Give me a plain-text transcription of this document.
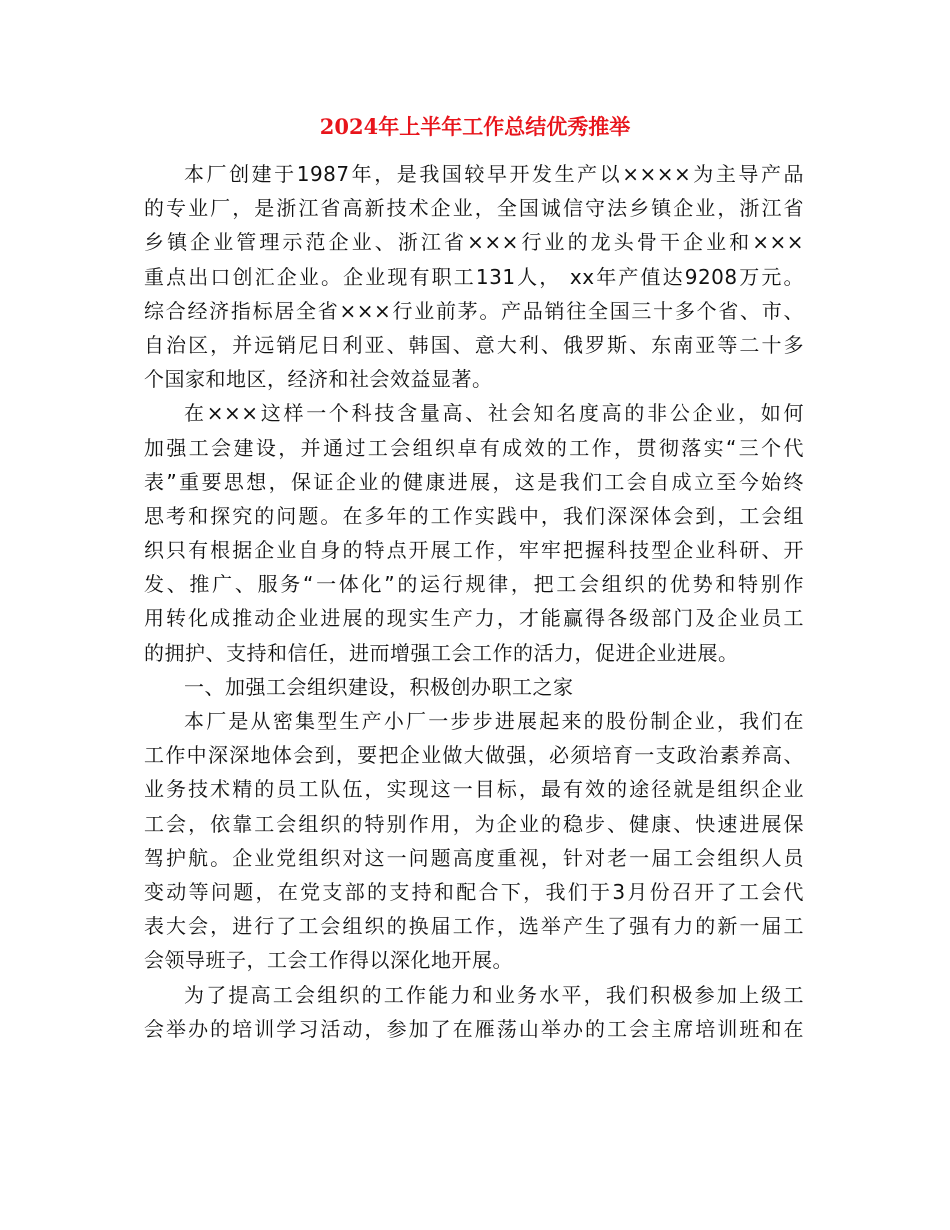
2024年上半年工作总结优秀推举
本厂创建于1987年，是我国较早开发生产以××××为主导产品
的专业厂，是浙江省高新技术企业，全国诚信守法乡镇企业，浙江省
乡镇企业管理示范企业、浙江省×××行业的龙头骨干企业和×××
重点出口创汇企业。企业现有职工131人， xx年产值达9208万元。
综合经济指标居全省×××行业前茅。产品销往全国三十多个省、市、
自治区，并远销尼日利亚、韩国、意大利、俄罗斯、东南亚等二十多
个国家和地区，经济和社会效益显著。
在×××这样一个科技含量高、社会知名度高的非公企业，如何
加强工会建设，并通过工会组织卓有成效的工作，贯彻落实“三个代
表”重要思想，保证企业的健康进展，这是我们工会自成立至今始终
思考和探究的问题。在多年的工作实践中，我们深深体会到，工会组
织只有根据企业自身的特点开展工作，牢牢把握科技型企业科研、开
发、推广、服务“一体化”的运行规律，把工会组织的优势和特别作
用转化成推动企业进展的现实生产力，才能赢得各级部门及企业员工
的拥护、支持和信任，进而增强工会工作的活力，促进企业进展。
一、加强工会组织建设，积极创办职工之家
本厂是从密集型生产小厂一步步进展起来的股份制企业，我们在
工作中深深地体会到，要把企业做大做强，必须培育一支政治素养高、
业务技术精的员工队伍，实现这一目标，最有效的途径就是组织企业
工会，依靠工会组织的特别作用，为企业的稳步、健康、快速进展保
驾护航。企业党组织对这一问题高度重视，针对老一届工会组织人员
变动等问题，在党支部的支持和配合下，我们于3月份召开了工会代
表大会，进行了工会组织的换届工作，选举产生了强有力的新一届工
会领导班子，工会工作得以深化地开展。
为了提高工会组织的工作能力和业务水平，我们积极参加上级工
会举办的培训学习活动，参加了在雁荡山举办的工会主席培训班和在
